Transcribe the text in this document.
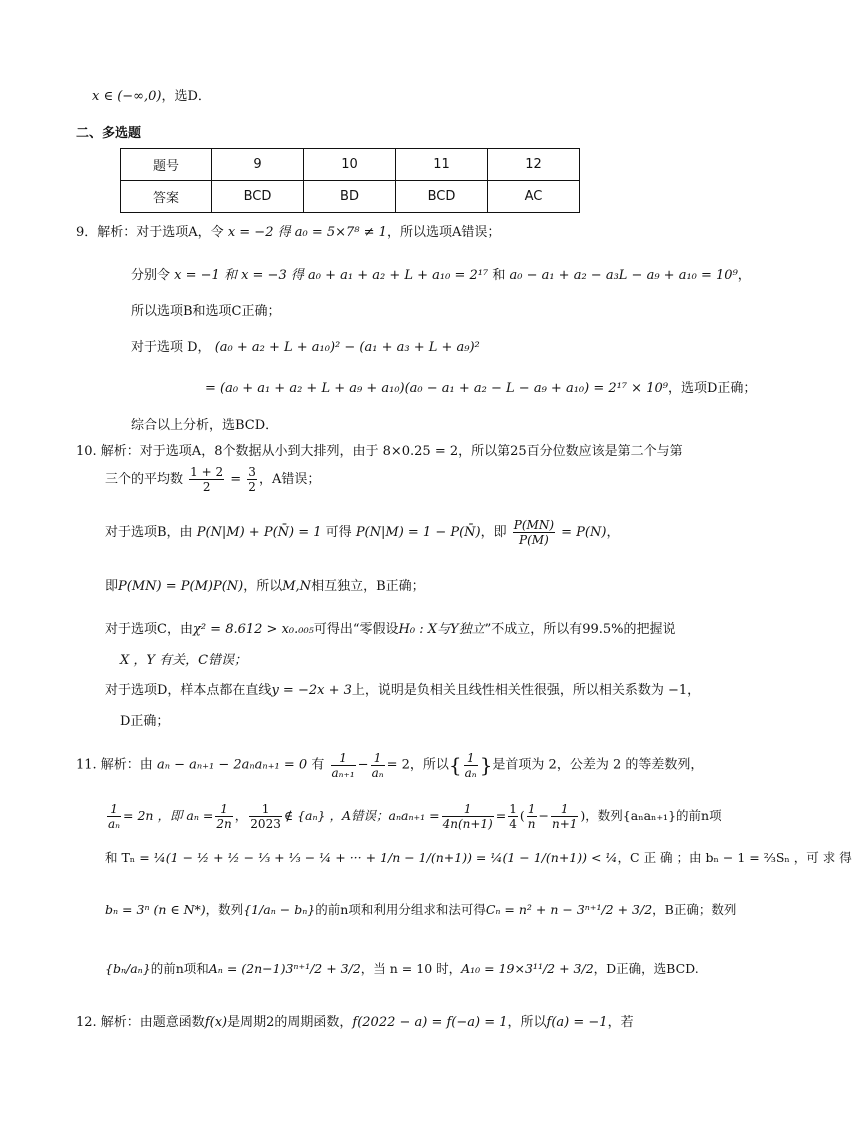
x ∈ (−∞,0)，选D．
二、多选题
题号	9	10	11	12
答案	BCD	BD	BCD	AC
9．解析：对于选项A，令 x = −2 得 a₀ = 5×7⁸ ≠ 1，所以选项A错误；
分别令 x = −1 和 x = −3 得 a₀ + a₁ + a₂ + L + a₁₀ = 2¹⁷ 和 a₀ − a₁ + a₂ − a₃L − a₉ + a₁₀ = 10⁹，
所以选项B和选项C正确；
对于选项 D， (a₀ + a₂ + L + a₁₀)² − (a₁ + a₃ + L + a₉)²
= (a₀ + a₁ + a₂ + L + a₉ + a₁₀)(a₀ − a₁ + a₂ − L − a₉ + a₁₀) = 2¹⁷ × 10⁹，选项D正确；
综合以上分析，选BCD．
10. 解析：对于选项A，8个数据从小到大排列，由于 8×0.25 = 2，所以第25百分位数应该是第二个与第
三个的平均数 $\frac{1 + 2}{2} = \frac{3}{2}$ ，A错误；
对于选项B，由 P(N|M) + P(N̄) = 1 可得 P(N|M) = 1 − P(N̄)，即 $\frac{P(MN)}{P(M)} = P(N)$，
即P(MN) = P(M)P(N)，所以M,N相互独立，B正确；
对于选项C，由χ² = 8.612 > x₀.₀₀₅可得出“零假设H₀ : X与Y独立”不成立，所以有99.5%的把握说
X ，Y 有关，C错误；
对于选项D，样本点都在直线y = −2x + 3上，说明是负相关且线性相关性很强，所以相关系数为 −1，
D正确；
11. 解析：由 aₙ − aₙ₊₁ − 2aₙaₙ₊₁ = 0 有 $\frac{1}{\text{aₙ₊₁}} - \frac{1}{\text{aₙ}} = 2$，所以{ $\frac{1}{\text{aₙ}}$ }是首项为 2，公差为 2 的等差数列，
$\frac{1}{\text{aₙ}} = 2n$ ，即 $a_n = \frac{1}{2n}$ ， $\frac{1}{2023}$ ∉ {aₙ} ，A错误；$a_na_{n+1} = \frac{1}{4n(n+1)} = \frac{1}{4}$ ( $\frac{1}{n} - \frac{1}{n+1}$ )，数列{aₙaₙ₊₁}的前n项
和 Tₙ = ¼(1 − ½ + ½ − ⅓ + ⅓ − ¼ + ··· + 1/n − 1/(n+1)) = ¼(1 − 1/(n+1)) < ¼，C 正 确 ；由 bₙ − 1 = ⅔Sₙ ，可 求 得
bₙ = 3ⁿ (n ∈ N*)，数列{1/aₙ − bₙ}的前n项和利用分组求和法可得Cₙ = n² + n − 3ⁿ⁺¹/2 + 3/2，B正确；数列
{bₙ/aₙ}的前n项和Aₙ = (2n−1)3ⁿ⁺¹/2 + 3/2，当 n = 10 时，A₁₀ = 19×3¹¹/2 + 3/2，D正确，选BCD.
12. 解析：由题意函数f(x)是周期2的周期函数，f(2022 − a) = f(−a) = 1，所以f(a) = −1，若
